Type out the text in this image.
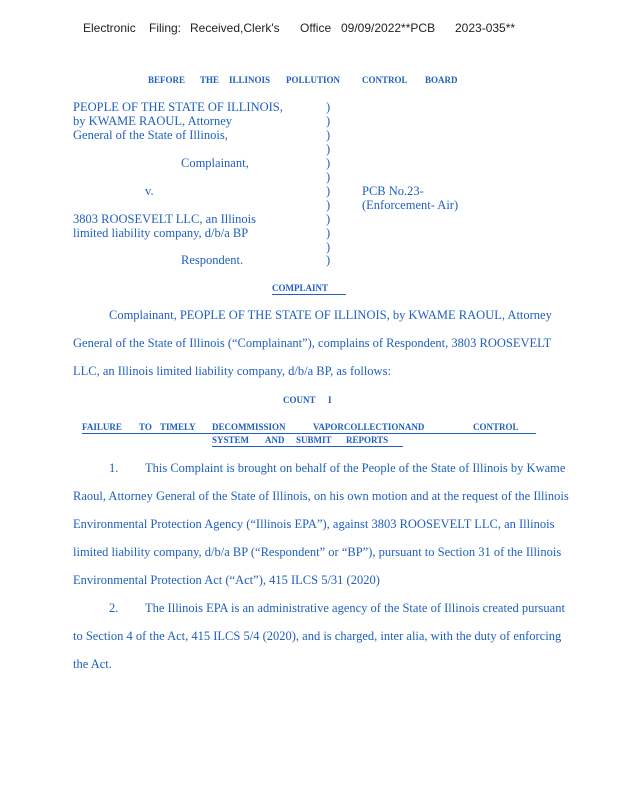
Electronic Filing: Received,Clerk's Office 09/09/2022**PCB 2023-035**
BEFORE THE ILLINOIS POLLUTION CONTROL BOARD
PEOPLE OF THE STATE OF ILLINOIS,
by KWAME RAOUL, Attorney
General of the State of Illinois,
Complainant,
v.
3803 ROOSEVELT LLC, an Illinois
limited liability company, d/b/a BP
Respondent.
PCB No.23-
(Enforcement- Air)
)
)
)
)
)
)
)
)
)
)
)
)
COMPLAINT
Complainant, PEOPLE OF THE STATE OF ILLINOIS, by KWAME RAOUL, Attorney
General of the State of Illinois (“Complainant”), complains of Respondent, 3803 ROOSEVELT
LLC, an Illinois limited liability company, d/b/a BP, as follows:
COUNT I
FAILURE TO TIMELY DECOMMISSION	VAPORCOLLECTIONAND	CONTROL
SYSTEM AND SUBMIT REPORTS
1. This Complaint is brought on behalf of the People of the State of Illinois by Kwame
Raoul, Attorney General of the State of Illinois, on his own motion and at the request of the Illinois
Environmental Protection Agency (“Illinois EPA”), against 3803 ROOSEVELT LLC, an Illinois
limited liability company, d/b/a BP (“Respondent” or “BP”), pursuant to Section 31 of the Illinois
Environmental Protection Act (“Act”), 415 ILCS 5/31 (2020)
2. The Illinois EPA is an administrative agency of the State of Illinois created pursuant
to Section 4 of the Act, 415 ILCS 5/4 (2020), and is charged, inter alia, with the duty of enforcing
the Act.
